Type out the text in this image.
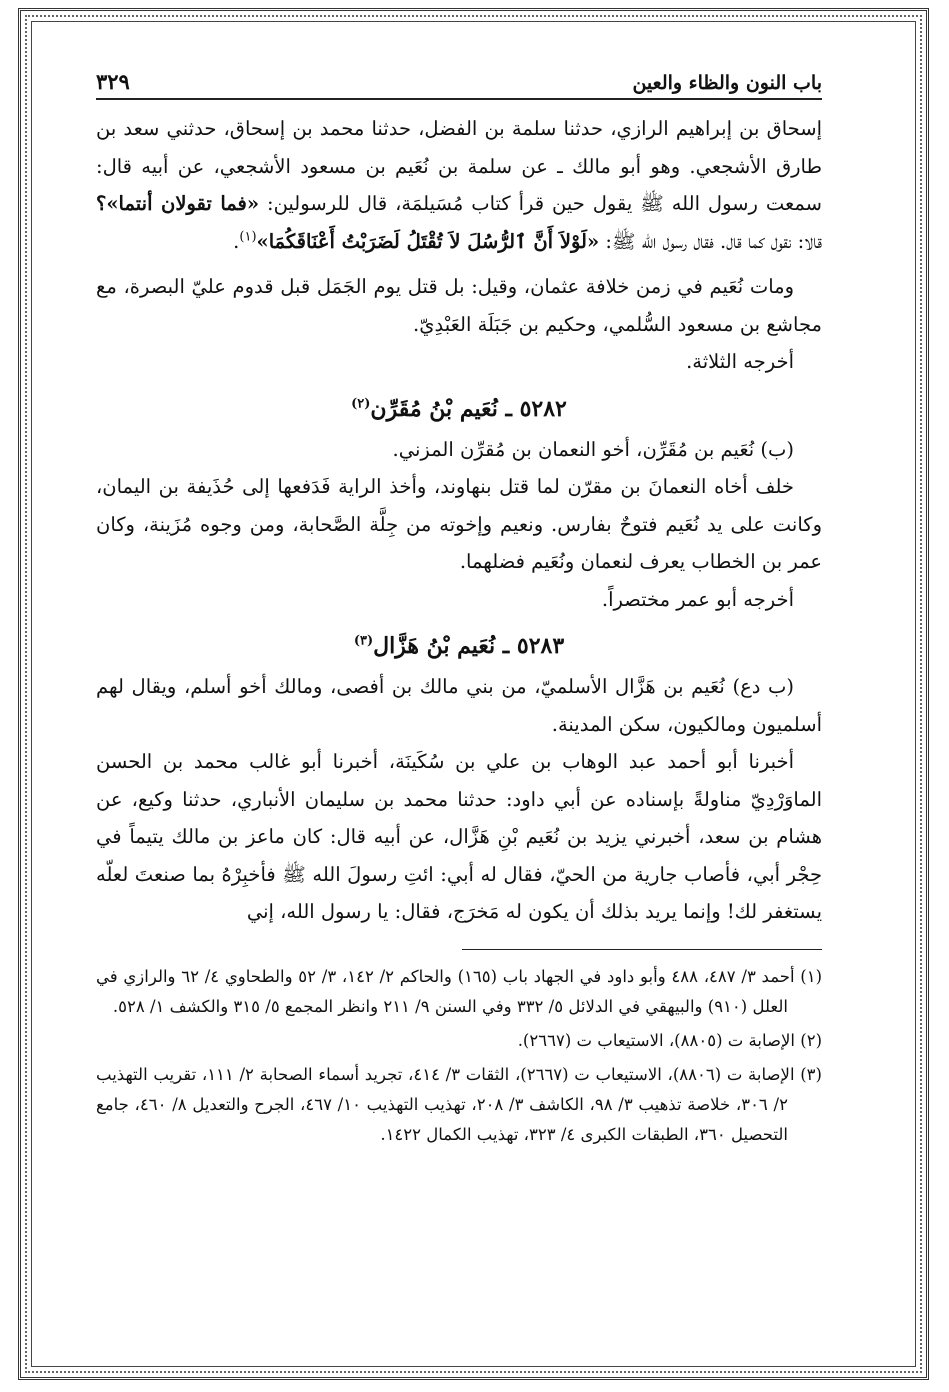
باب النون والظاء والعين
٣٢٩

إسحاق بن إبراهيم الرازي، حدثنا سلمة بن الفضل، حدثنا محمد بن إسحاق، حدثني سعد بن طارق الأشجعي. وهو أبو مالك ـ عن سلمة بن نُعَيم بن مسعود الأشجعي، عن أبيه قال: سمعت رسول الله ﷺ يقول حين قرأ كتاب مُسَيلمَة، قال للرسولين: «فما تقولان أنتما»؟ قالا: نقول كما قال. فقال رسول الله ﷺ: «لَوْلاَ أَنَّ ٱلرُّسُلَ لاَ تُقْتَلُ لَضَرَبْتُ أَعْنَاقَكُمَا»$^{(١)}$.

ومات نُعَيم في زمن خلافة عثمان، وقيل: بل قتل يوم الجَمَل قبل قدوم عليّ البصرة، مع مجاشع بن مسعود السُّلمي، وحكيم بن جَبَلَة العَبْدِيّ.

أخرجه الثلاثة.

٥٢٨٢ ـ نُعَيم بْنُ مُقَرِّن$^{(٢)}$

(ب) نُعَيم بن مُقَرِّن، أخو النعمان بن مُقرِّن المزني.

خلف أخاه النعمانَ بن مقرّن لما قتل بنهاوند، وأخذ الراية فَدَفعها إلى حُذَيفة بن اليمان، وكانت على يد نُعَيم فتوحٌ بفارس. ونعيم وإخوته من جِلَّة الصَّحابة، ومن وجوه مُزَينة، وكان عمر بن الخطاب يعرف لنعمان ونُعَيم فضلهما.

أخرجه أبو عمر مختصراً.

٥٢٨٣ ـ نُعَيم بْنُ هَزَّال$^{(٣)}$

(ب دع) نُعَيم بن هَزَّال الأسلميّ، من بني مالك بن أفصى، ومالك أخو أسلم، ويقال لهم أسلميون ومالكيون، سكن المدينة.

أخبرنا أبو أحمد عبد الوهاب بن علي بن سُكَينَة، أخبرنا أبو غالب محمد بن الحسن الماوَرْدِيّ مناولةً بإسناده عن أبي داود: حدثنا محمد بن سليمان الأنباري، حدثنا وكيع، عن هشام بن سعد، أخبرني يزيد بن نُعَيم بْنِ هَزَّال، عن أبيه قال: كان ماعز بن مالك يتيماً في حِجْر أبي، فأصاب جارية من الحيّ، فقال له أبي: ائتِ رسولَ الله ﷺ فأخبِرْهُ بما صنعتَ لعلّه يستغفر لك! وإنما يريد بذلك أن يكون له مَخرَج، فقال: يا رسول الله، إني

(١) أحمد ٣/ ٤٨٧، ٤٨٨ وأبو داود في الجهاد باب (١٦٥) والحاكم ٢/ ١٤٢، ٣/ ٥٢ والطحاوي ٤/ ٦٢ والرازي في العلل (٩١٠) والبيهقي في الدلائل ٥/ ٣٣٢ وفي السنن ٩/ ٢١١ وانظر المجمع ٥/ ٣١٥ والكشف ١/ ٥٢٨.

(٢) الإصابة ت (٨٨٠٥)، الاستيعاب ت (٢٦٦٧).

(٣) الإصابة ت (٨٨٠٦)، الاستيعاب ت (٢٦٦٧)، الثقات ٣/ ٤١٤، تجريد أسماء الصحابة ٢/ ١١١، تقريب التهذيب ٢/ ٣٠٦، خلاصة تذهيب ٣/ ٩٨، الكاشف ٣/ ٢٠٨، تهذيب التهذيب ١٠/ ٤٦٧، الجرح والتعديل ٨/ ٤٦٠، جامع التحصيل ٣٦٠، الطبقات الكبرى ٤/ ٣٢٣، تهذيب الكمال ١٤٢٢.
